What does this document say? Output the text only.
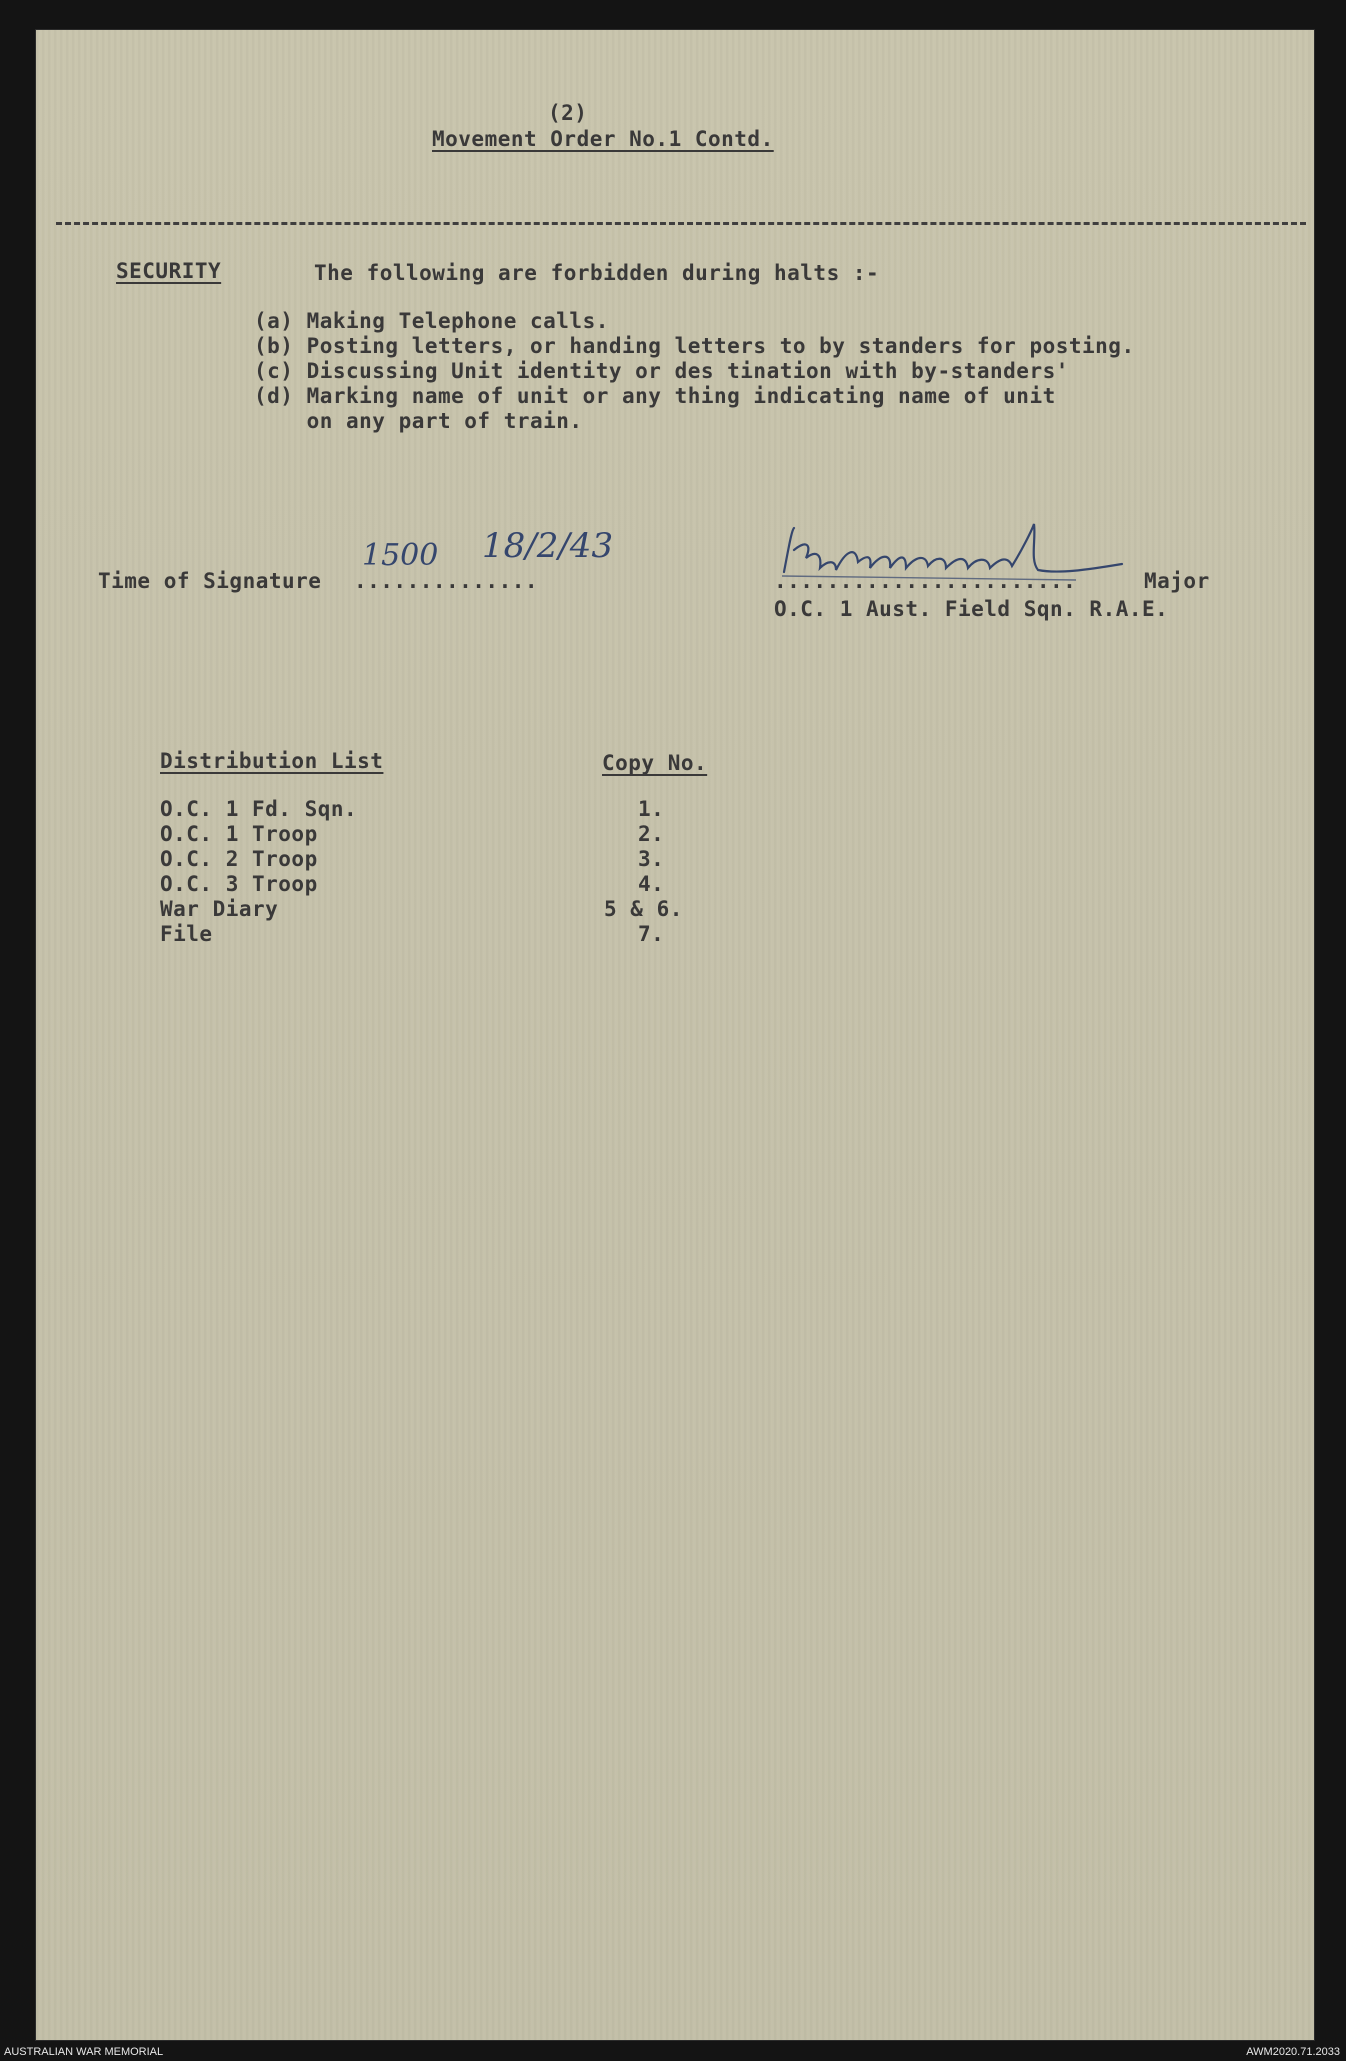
(2)
Movement Order No.1 Contd.
SECURITY	The following are forbidden during halts :-
(a) Making Telephone calls.
(b) Posting letters, or handing letters to by standers for posting.
(c) Discussing Unit identity or des tination with by-standers'
(d) Marking name of unit or any thing indicating name of unit
on any part of train.
Time of Signature ..............
1500 18/2/43
.......................	Major
O.C. 1 Aust. Field Sqn. R.A.E.
Distribution List	Copy No.
O.C. 1 Fd. Sqn.	1.
O.C. 1 Troop	2.
O.C. 2 Troop	3.
O.C. 3 Troop	4.
War Diary	5 & 6.
File	7.
AUSTRALIAN WAR MEMORIAL	AWM2020.71.2033
